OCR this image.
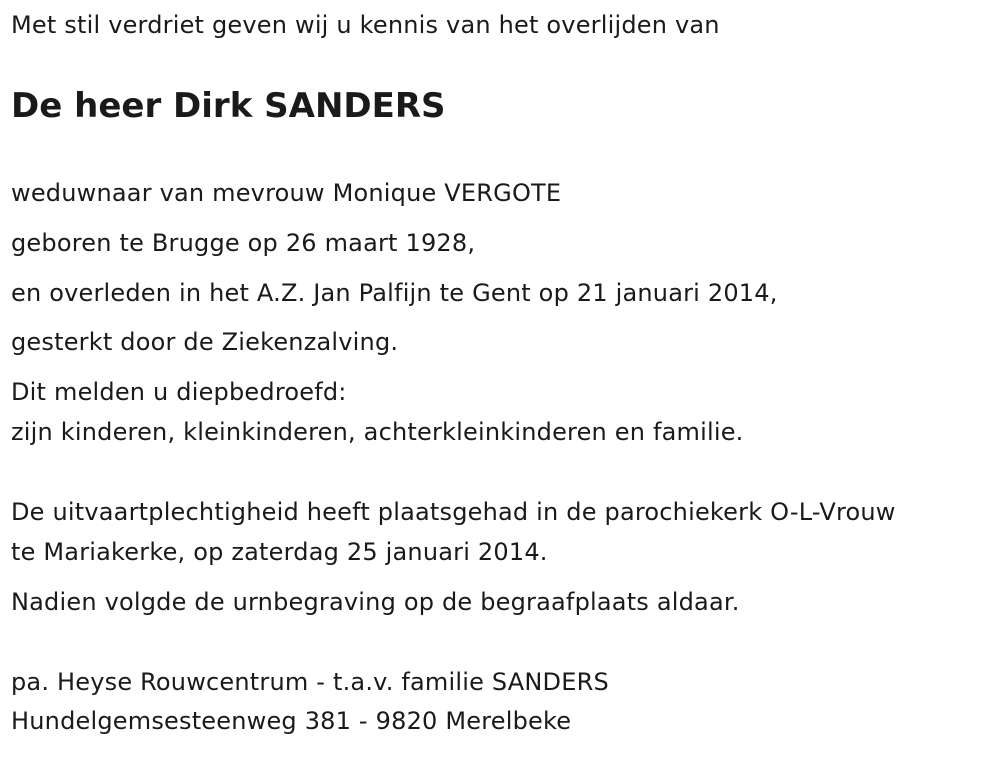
Met stil verdriet geven wij u kennis van het overlijden van
De heer Dirk SANDERS
weduwnaar van mevrouw Monique VERGOTE
geboren te Brugge op 26 maart 1928,
en overleden in het A.Z. Jan Palfijn te Gent op 21 januari 2014,
gesterkt door de Ziekenzalving.
Dit melden u diepbedroefd:
zijn kinderen, kleinkinderen, achterkleinkinderen en familie.
De uitvaartplechtigheid heeft plaatsgehad in de parochiekerk O-L-Vrouw
te Mariakerke, op zaterdag 25 januari 2014.
Nadien volgde de urnbegraving op de begraafplaats aldaar.
pa. Heyse Rouwcentrum - t.a.v. familie SANDERS
Hundelgemsesteenweg 381 - 9820 Merelbeke
